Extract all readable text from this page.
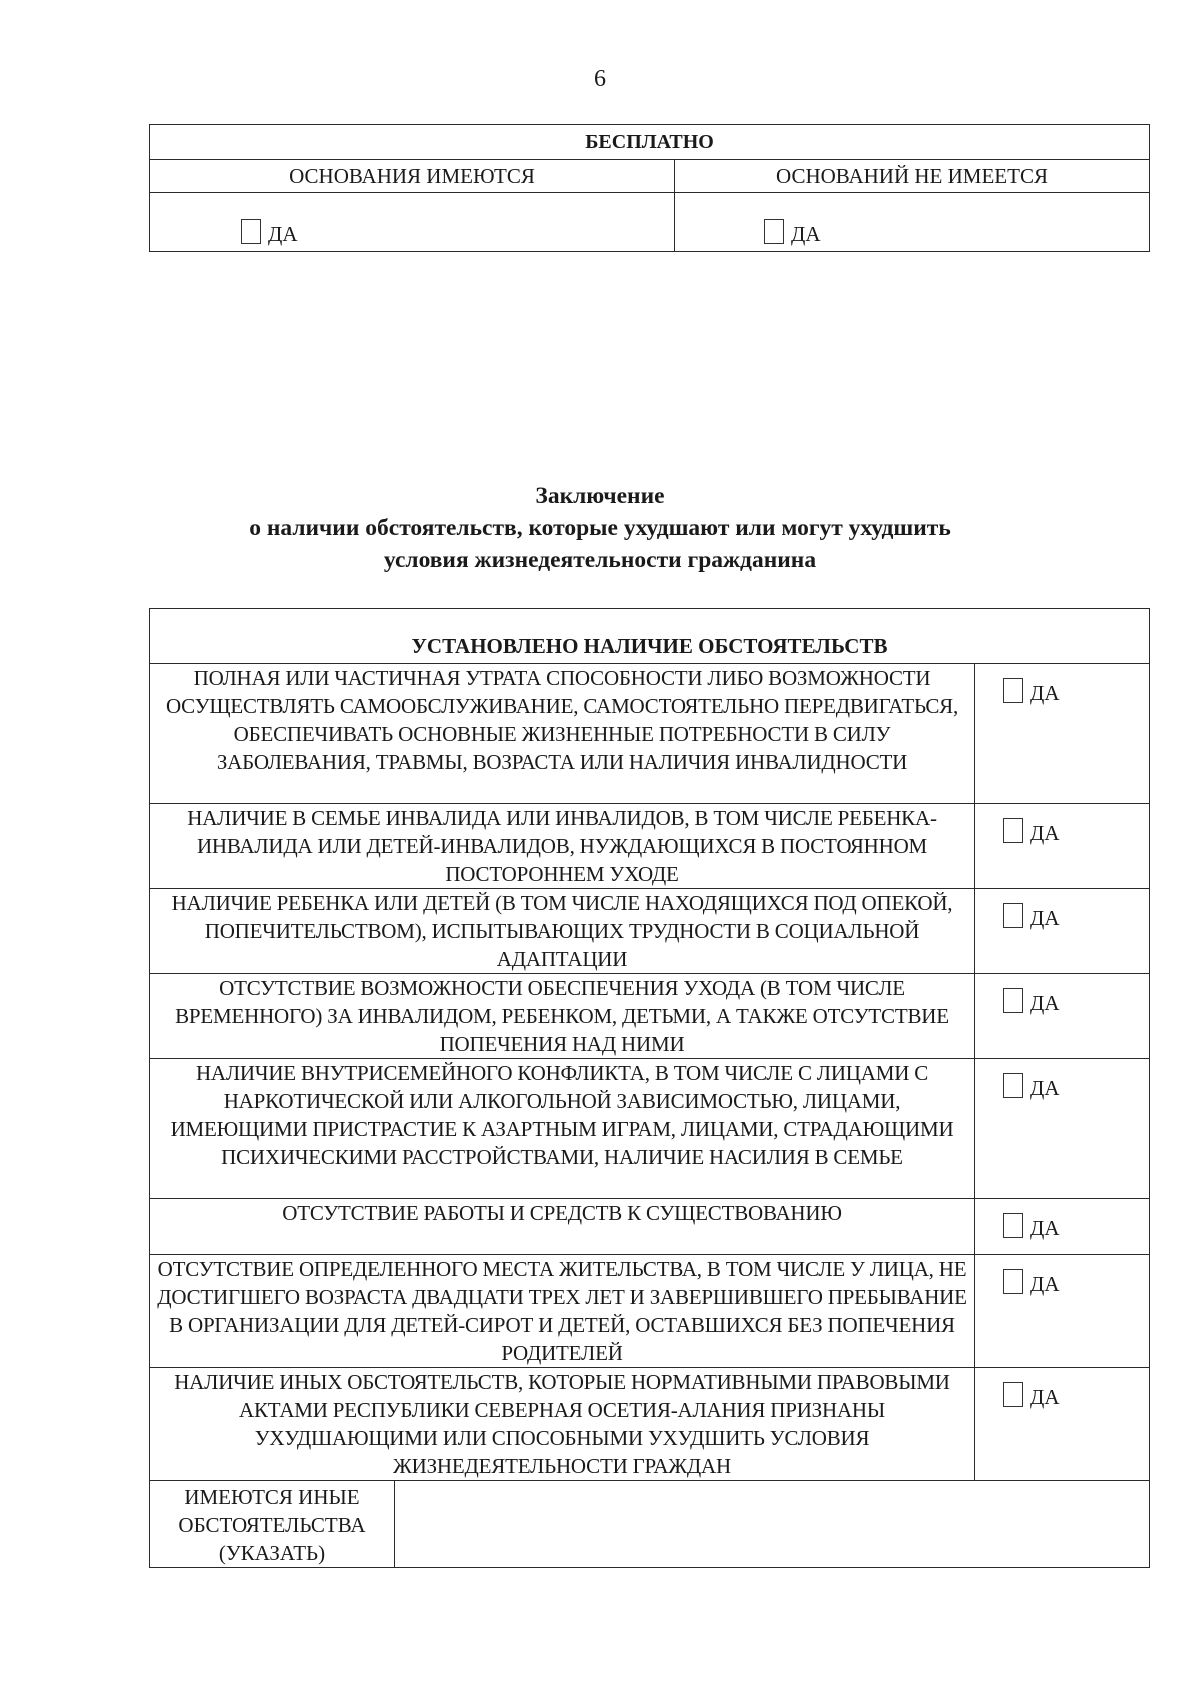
6
БЕСПЛАТНО	
ОСНОВАНИЯ ИМЕЮТСЯ	ОСНОВАНИЙ НЕ ИМЕЕТСЯ
ДА	ДА
Заключение
о наличии обстоятельств, которые ухудшают или могут ухудшить
условия жизнедеятельности гражданина
УСТАНОВЛЕНО НАЛИЧИЕ ОБСТОЯТЕЛЬСТВ		
ПОЛНАЯ ИЛИ ЧАСТИЧНАЯ УТРАТА СПОСОБНОСТИ ЛИБО ВОЗМОЖНОСТИ ОСУЩЕСТВЛЯТЬ САМООБСЛУЖИВАНИЕ, САМОСТОЯТЕЛЬНО ПЕРЕДВИГАТЬСЯ, ОБЕСПЕЧИВАТЬ ОСНОВНЫЕ ЖИЗНЕННЫЕ ПОТРЕБНОСТИ В СИЛУ ЗАБОЛЕВАНИЯ, ТРАВМЫ, ВОЗРАСТА ИЛИ НАЛИЧИЯ ИНВАЛИДНОСТИ		ДА

НАЛИЧИЕ В СЕМЬЕ ИНВАЛИДА ИЛИ ИНВАЛИДОВ, В ТОМ ЧИСЛЕ РЕБЕНКА-ИНВАЛИДА ИЛИ ДЕТЕЙ-ИНВАЛИДОВ, НУЖДАЮЩИХСЯ В ПОСТОЯННОМ ПОСТОРОННЕМ УХОДЕ		ДА

НАЛИЧИЕ РЕБЕНКА ИЛИ ДЕТЕЙ (В ТОМ ЧИСЛЕ НАХОДЯЩИХСЯ ПОД ОПЕКОЙ, ПОПЕЧИТЕЛЬСТВОМ), ИСПЫТЫВАЮЩИХ ТРУДНОСТИ В СОЦИАЛЬНОЙ АДАПТАЦИИ		ДА

ОТСУТСТВИЕ ВОЗМОЖНОСТИ ОБЕСПЕЧЕНИЯ УХОДА (В ТОМ ЧИСЛЕ ВРЕМЕННОГО) ЗА ИНВАЛИДОМ, РЕБЕНКОМ, ДЕТЬМИ, А ТАКЖЕ ОТСУТСТВИЕ ПОПЕЧЕНИЯ НАД НИМИ		ДА

НАЛИЧИЕ ВНУТРИСЕМЕЙНОГО КОНФЛИКТА, В ТОМ ЧИСЛЕ С ЛИЦАМИ С НАРКОТИЧЕСКОЙ ИЛИ АЛКОГОЛЬНОЙ ЗАВИСИМОСТЬЮ, ЛИЦАМИ, ИМЕЮЩИМИ ПРИСТРАСТИЕ К АЗАРТНЫМ ИГРАМ, ЛИЦАМИ, СТРАДАЮЩИМИ ПСИХИЧЕСКИМИ РАССТРОЙСТВАМИ, НАЛИЧИЕ НАСИЛИЯ В СЕМЬЕ		ДА

ОТСУТСТВИЕ РАБОТЫ И СРЕДСТВ К СУЩЕСТВОВАНИЮ		ДА

ОТСУТСТВИЕ ОПРЕДЕЛЕННОГО МЕСТА ЖИТЕЛЬСТВА, В ТОМ ЧИСЛЕ У ЛИЦА, НЕ ДОСТИГШЕГО ВОЗРАСТА ДВАДЦАТИ ТРЕХ ЛЕТ И ЗАВЕРШИВШЕГО ПРЕБЫВАНИЕ В ОРГАНИЗАЦИИ ДЛЯ ДЕТЕЙ-СИРОТ И ДЕТЕЙ, ОСТАВШИХСЯ БЕЗ ПОПЕЧЕНИЯ РОДИТЕЛЕЙ		ДА

НАЛИЧИЕ ИНЫХ ОБСТОЯТЕЛЬСТВ, КОТОРЫЕ НОРМАТИВНЫМИ ПРАВОВЫМИ АКТАМИ РЕСПУБЛИКИ СЕВЕРНАЯ ОСЕТИЯ-АЛАНИЯ ПРИЗНАНЫ УХУДШАЮЩИМИ ИЛИ СПОСОБНЫМИ УХУДШИТЬ УСЛОВИЯ ЖИЗНЕДЕЯТЕЛЬНОСТИ ГРАЖДАН		ДА

ИМЕЮТСЯ ИНЫЕ ОБСТОЯТЕЛЬСТВА (УКАЗАТЬ)		
